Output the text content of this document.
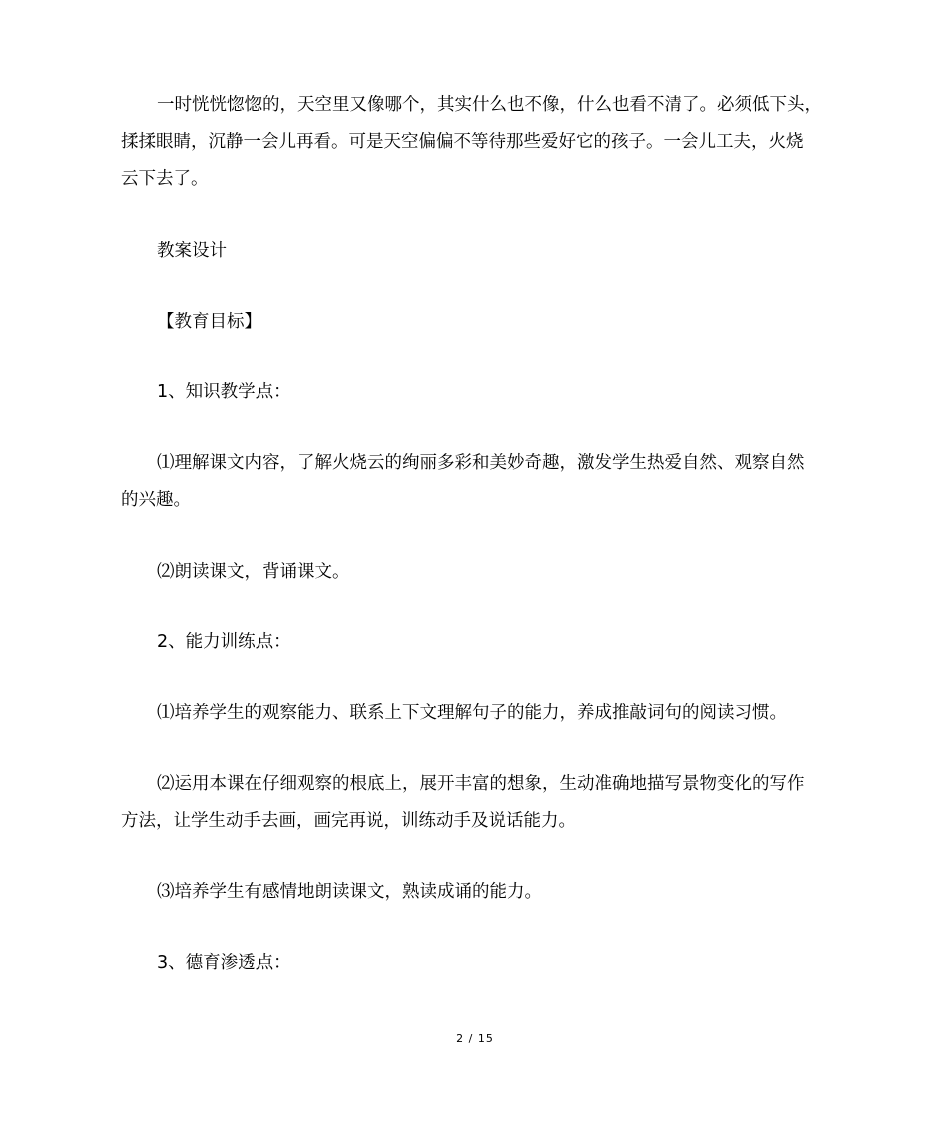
一时恍恍惚惚的，天空里又像哪个，其实什么也不像，什么也看不清了。必须低下头，
揉揉眼睛，沉静一会儿再看。可是天空偏偏不等待那些爱好它的孩子。一会儿工夫，火烧
云下去了。
教案设计
【教育目标】
1、知识教学点：
⑴理解课文内容，了解火烧云的绚丽多彩和美妙奇趣，激发学生热爱自然、观察自然
的兴趣。
⑵朗读课文，背诵课文。
2、能力训练点：
⑴培养学生的观察能力、联系上下文理解句子的能力，养成推敲词句的阅读习惯。
⑵运用本课在仔细观察的根底上，展开丰富的想象，生动准确地描写景物变化的写作
方法，让学生动手去画，画完再说，训练动手及说话能力。
⑶培养学生有感情地朗读课文，熟读成诵的能力。
3、德育渗透点：
2 / 15
